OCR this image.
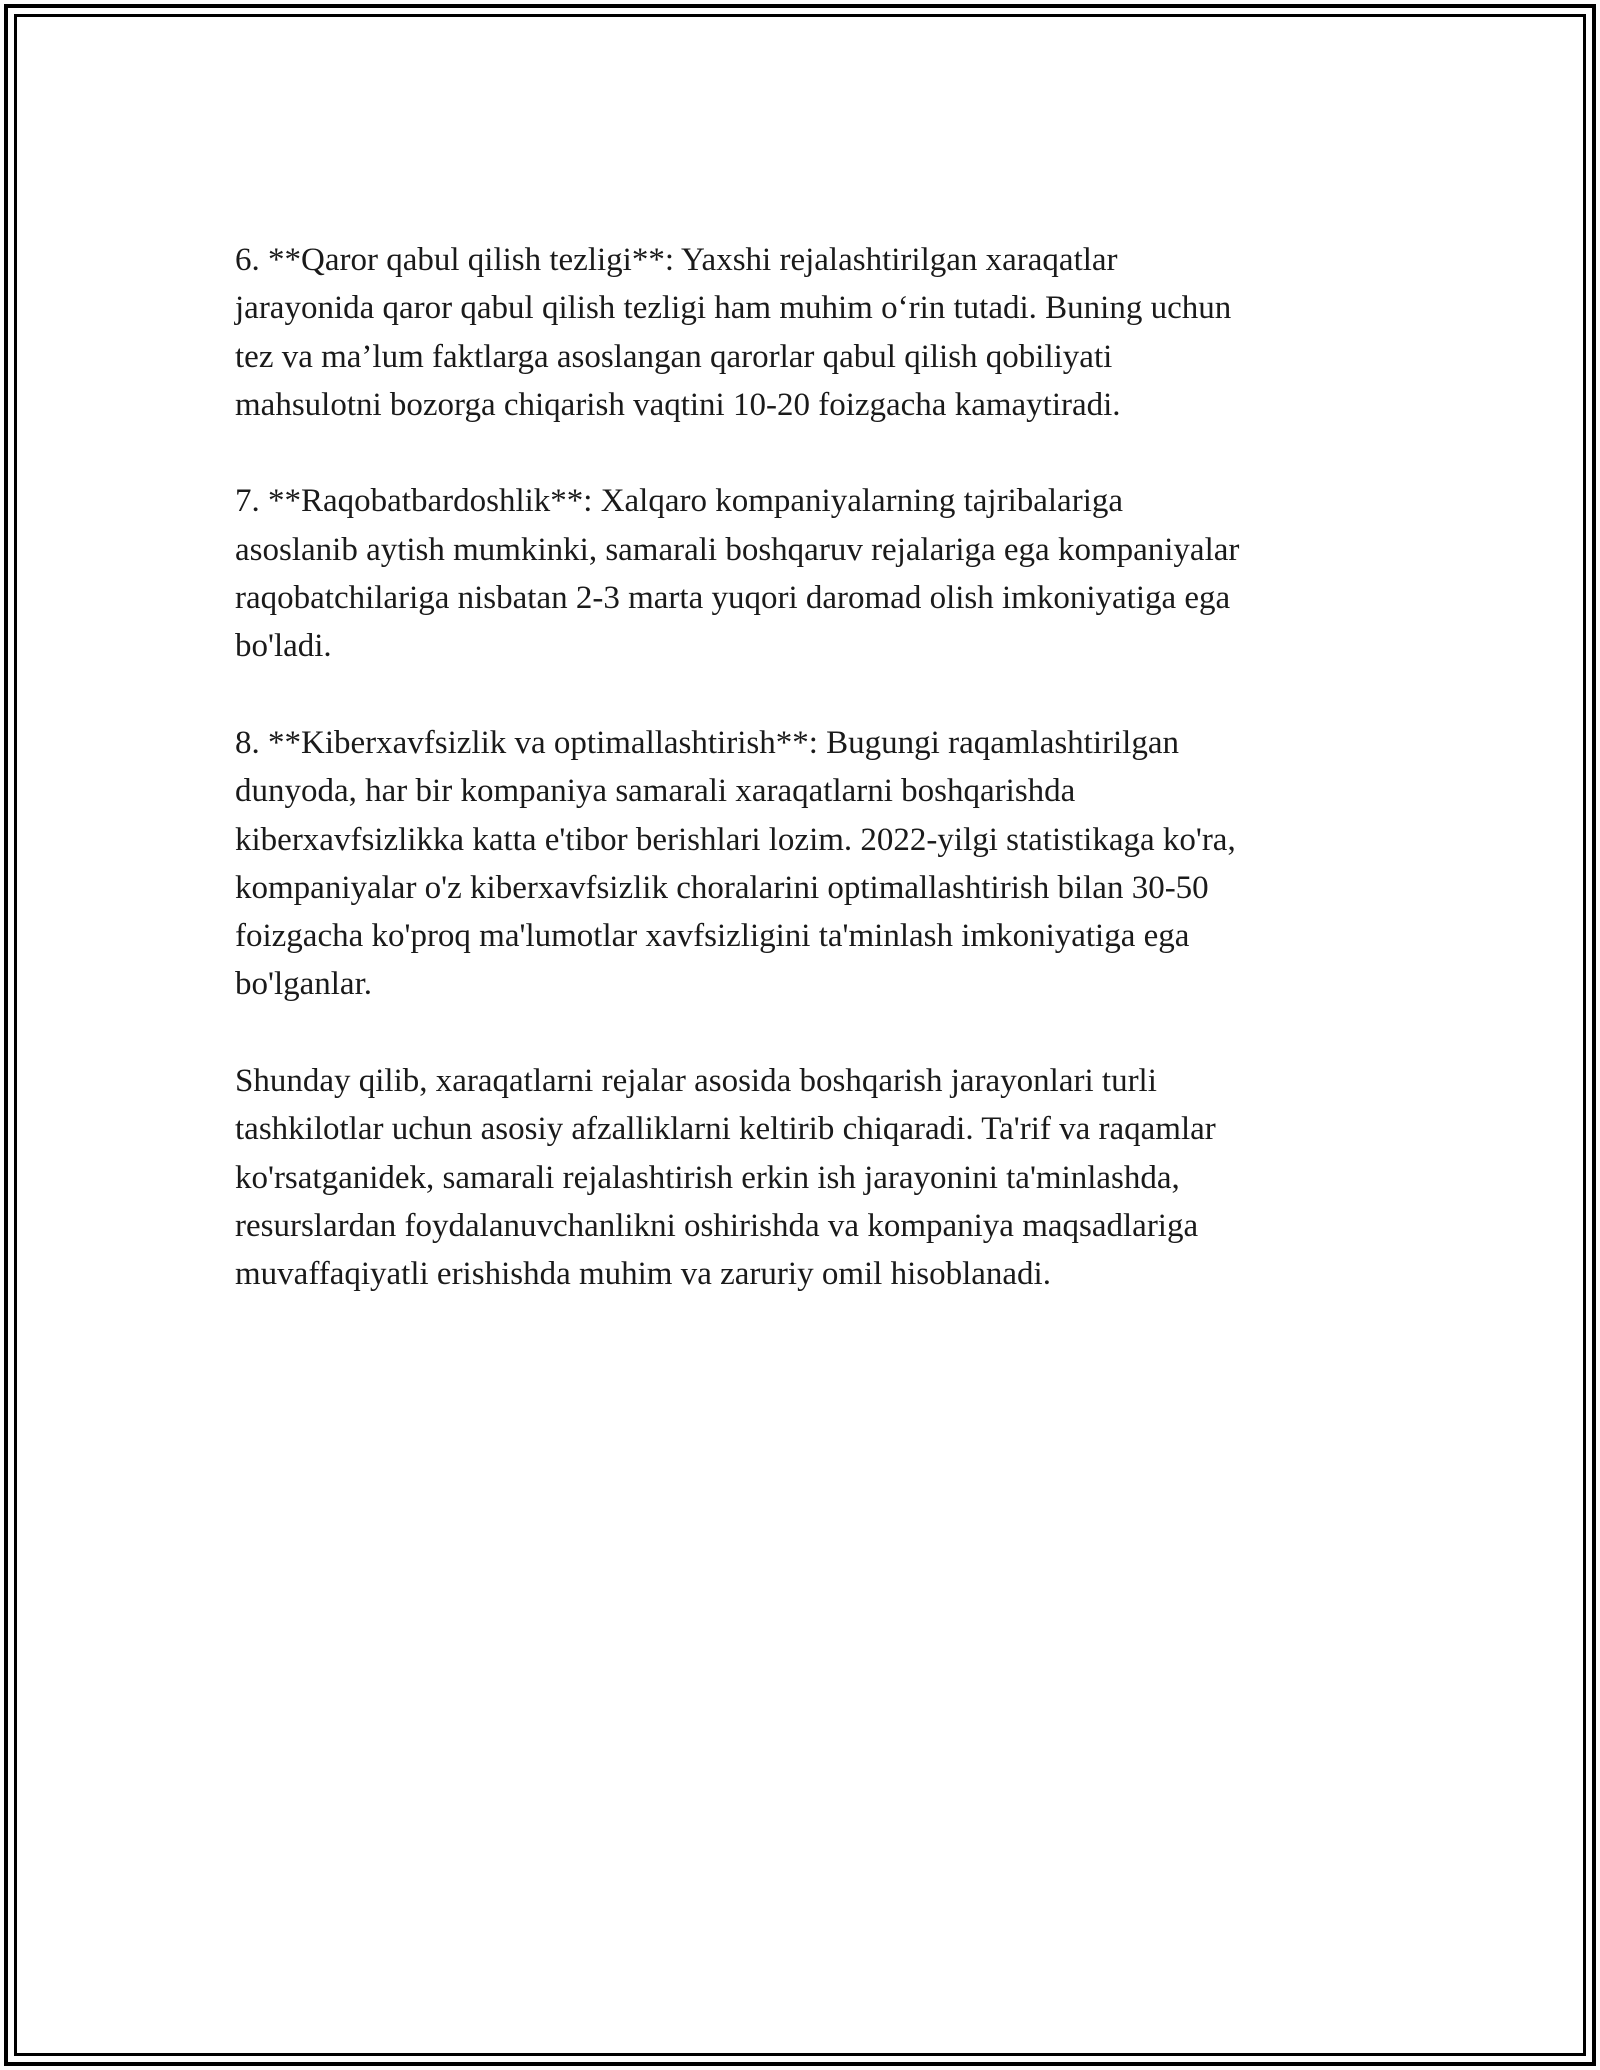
6. **Qaror qabul qilish tezligi**: Yaxshi rejalashtirilgan xaraqatlar
jarayonida qaror qabul qilish tezligi ham muhim o‘rin tutadi. Buning uchun
tez va ma’lum faktlarga asoslangan qarorlar qabul qilish qobiliyati
mahsulotni bozorga chiqarish vaqtini 10-20 foizgacha kamaytiradi.

7. **Raqobatbardoshlik**: Xalqaro kompaniyalarning tajribalariga
asoslanib aytish mumkinki, samarali boshqaruv rejalariga ega kompaniyalar
raqobatchilariga nisbatan 2-3 marta yuqori daromad olish imkoniyatiga ega
bo'ladi.

8. **Kiberxavfsizlik va optimallashtirish**: Bugungi raqamlashtirilgan
dunyoda, har bir kompaniya samarali xaraqatlarni boshqarishda
kiberxavfsizlikka katta e'tibor berishlari lozim. 2022-yilgi statistikaga ko'ra,
kompaniyalar o'z kiberxavfsizlik choralarini optimallashtirish bilan 30-50
foizgacha ko'proq ma'lumotlar xavfsizligini ta'minlash imkoniyatiga ega
bo'lganlar.

Shunday qilib, xaraqatlarni rejalar asosida boshqarish jarayonlari turli
tashkilotlar uchun asosiy afzalliklarni keltirib chiqaradi. Ta'rif va raqamlar
ko'rsatganidek, samarali rejalashtirish erkin ish jarayonini ta'minlashda,
resurslardan foydalanuvchanlikni oshirishda va kompaniya maqsadlariga
muvaffaqiyatli erishishda muhim va zaruriy omil hisoblanadi.
